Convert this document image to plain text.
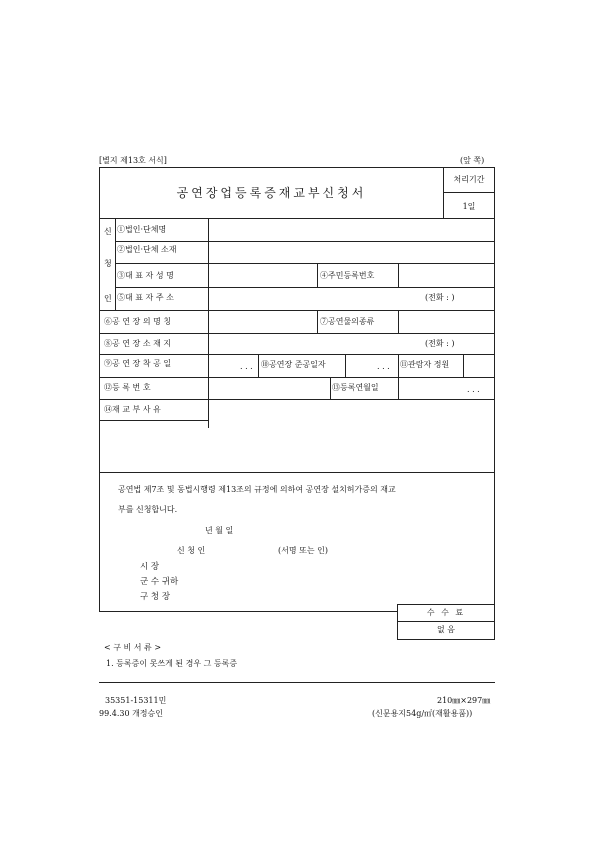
[별지 제13호 서식]	(앞 쪽)
공연장업등록증재교부신청서
처리기간
1일
신
청
인
①법인·단체명
②법인·단체 소재
③대 표 자 성 명	④주민등록번호
⑤대 표 자 주 소	(전화 : )
⑥공 연 장 의 명 칭	⑦공연물의종류
⑧공 연 장 소 재 지	(전화 : )
⑨공 연 장 착 공 일	. . . ⑩공연장 준공일자	. . . ⑪관람자 정원
⑫등 록 번 호	⑬등록연월일	. . .
⑭재 교 부 사 유
공연법 제7조 및 동법시행령 제13조의 규정에 의하여 공연장 설치허가증의 재교
부를 신청합니다.
년 월 일
신 청 인	(서명 또는 인)
시 장
군 수 귀하
구 청 장
수 수 료
없 음
< 구 비 서 류 >
1. 등록증이 못쓰게 된 경우 그 등록증
35351-15311민
99.4.30 개정승인
210㎜×297㎜
(신문용지54g/㎡(재활용품))
